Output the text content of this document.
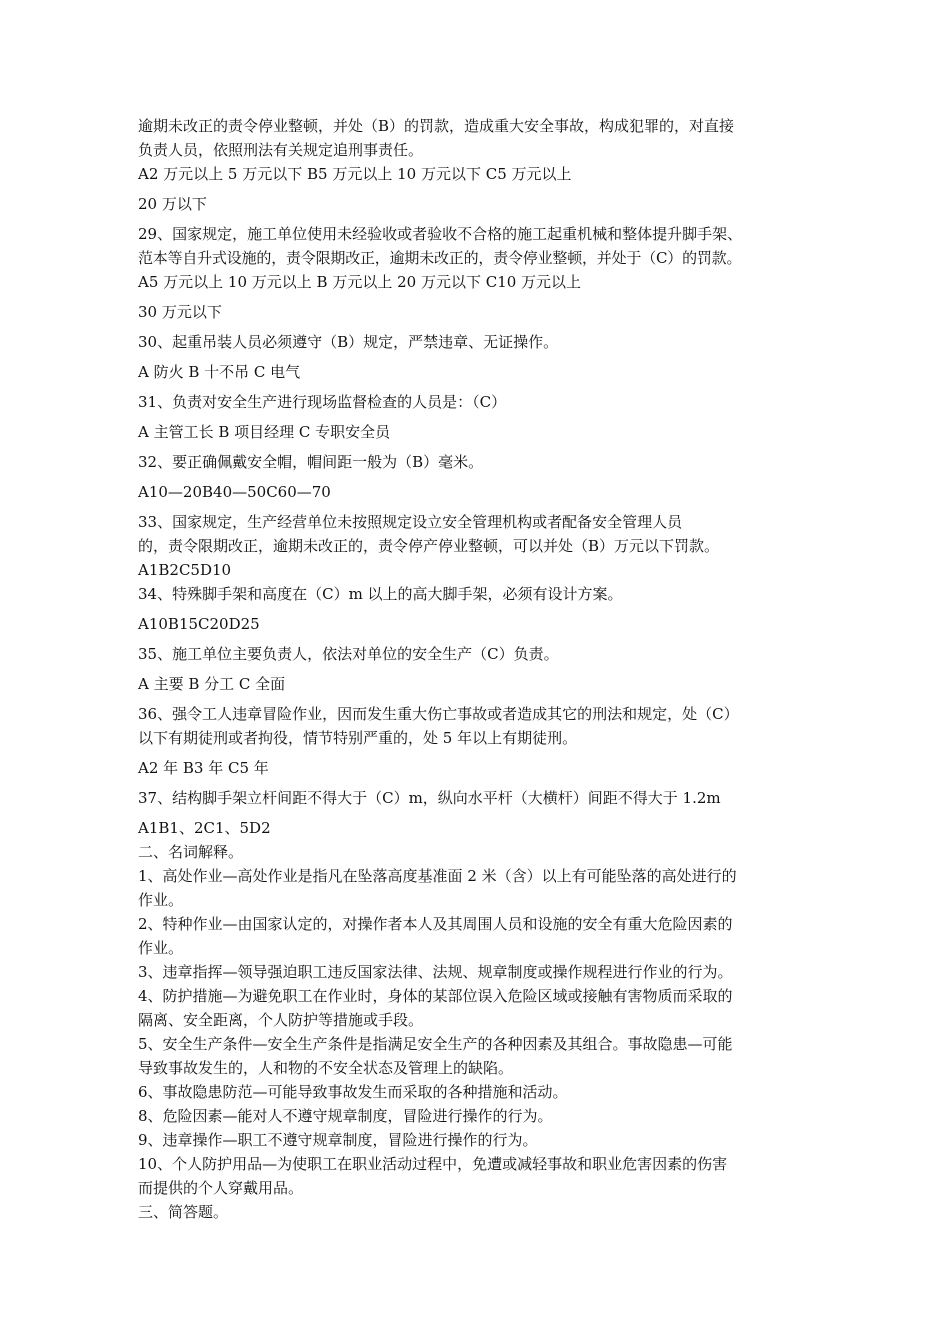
逾期未改正的责令停业整顿，并处（B）的罚款，造成重大安全事故，构成犯罪的，对直接
负责人员，依照刑法有关规定追刑事责任。
A2 万元以上 5 万元以下 B5 万元以上 10 万元以下 C5 万元以上
20 万以下
29、国家规定，施工单位使用未经验收或者验收不合格的施工起重机械和整体提升脚手架、
范本等自升式设施的，责令限期改正，逾期未改正的，责令停业整顿，并处于（C）的罚款。
A5 万元以上 10 万元以上 B 万元以上 20 万元以下 C10 万元以上
30 万元以下
30、起重吊装人员必须遵守（B）规定，严禁违章、无证操作。
A 防火 B 十不吊 C 电气
31、负责对安全生产进行现场监督检查的人员是：（C）
A 主管工长 B 项目经理 C 专职安全员
32、要正确佩戴安全帽，帽间距一般为（B）毫米。
A10—20B40—50C60—70
33、国家规定，生产经营单位未按照规定设立安全管理机构或者配备安全管理人员
的，责令限期改正，逾期未改正的，责令停产停业整顿，可以并处（B）万元以下罚款。
A1B2C5D10
34、特殊脚手架和高度在（C）m 以上的高大脚手架，必须有设计方案。
A10B15C20D25
35、施工单位主要负责人，依法对单位的安全生产（C）负责。
A 主要 B 分工 C 全面
36、强令工人违章冒险作业，因而发生重大伤亡事故或者造成其它的刑法和规定，处（C）
以下有期徒刑或者拘役，情节特别严重的，处 5 年以上有期徒刑。
A2 年 B3 年 C5 年
37、结构脚手架立杆间距不得大于（C）m，纵向水平杆（大横杆）间距不得大于 1.2m
A1B1、2C1、5D2
二、名词解释。
1、高处作业—高处作业是指凡在坠落高度基准面 2 米（含）以上有可能坠落的高处进行的
作业。
2、特种作业—由国家认定的，对操作者本人及其周围人员和设施的安全有重大危险因素的
作业。
3、违章指挥—领导强迫职工违反国家法律、法规、规章制度或操作规程进行作业的行为。
4、防护措施—为避免职工在作业时，身体的某部位误入危险区域或接触有害物质而采取的
隔离、安全距离，个人防护等措施或手段。
5、安全生产条件—安全生产条件是指满足安全生产的各种因素及其组合。事故隐患—可能
导致事故发生的，人和物的不安全状态及管理上的缺陷。
6、事故隐患防范—可能导致事故发生而采取的各种措施和活动。
8、危险因素—能对人不遵守规章制度，冒险进行操作的行为。
9、违章操作—职工不遵守规章制度，冒险进行操作的行为。
10、个人防护用品—为使职工在职业活动过程中，免遭或减轻事故和职业危害因素的伤害
而提供的个人穿戴用品。
三、简答题。
